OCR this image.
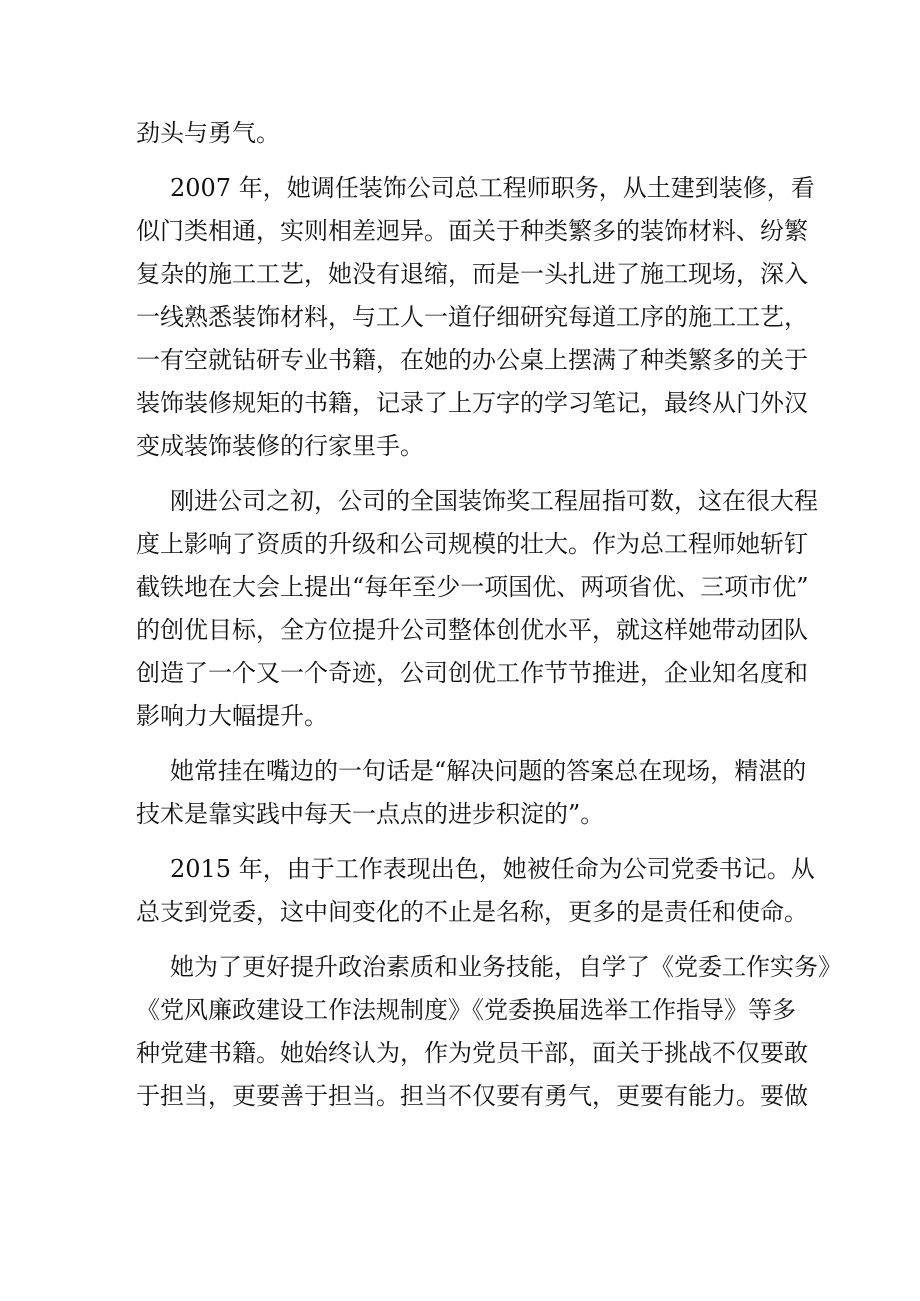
劲头与勇气。
2007 年，她调任装饰公司总工程师职务，从土建到装修，看
似门类相通，实则相差迥异。面关于种类繁多的装饰材料、纷繁
复杂的施工工艺，她没有退缩，而是一头扎进了施工现场，深入
一线熟悉装饰材料，与工人一道仔细研究每道工序的施工工艺，
一有空就钻研专业书籍，在她的办公桌上摆满了种类繁多的关于
装饰装修规矩的书籍，记录了上万字的学习笔记，最终从门外汉
变成装饰装修的行家里手。
刚进公司之初，公司的全国装饰奖工程屈指可数，这在很大程
度上影响了资质的升级和公司规模的壮大。作为总工程师她斩钉
截铁地在大会上提出“每年至少一项国优、两项省优、三项市优”
的创优目标，全方位提升公司整体创优水平，就这样她带动团队
创造了一个又一个奇迹，公司创优工作节节推进，企业知名度和
影响力大幅提升。
她常挂在嘴边的一句话是“解决问题的答案总在现场，精湛的
技术是靠实践中每天一点点的进步积淀的”。
2015 年，由于工作表现出色，她被任命为公司党委书记。从
总支到党委，这中间变化的不止是名称，更多的是责任和使命。
她为了更好提升政治素质和业务技能，自学了《党委工作实务》
《党风廉政建设工作法规制度》《党委换届选举工作指导》等多
种党建书籍。她始终认为，作为党员干部，面关于挑战不仅要敢
于担当，更要善于担当。担当不仅要有勇气，更要有能力。要做
